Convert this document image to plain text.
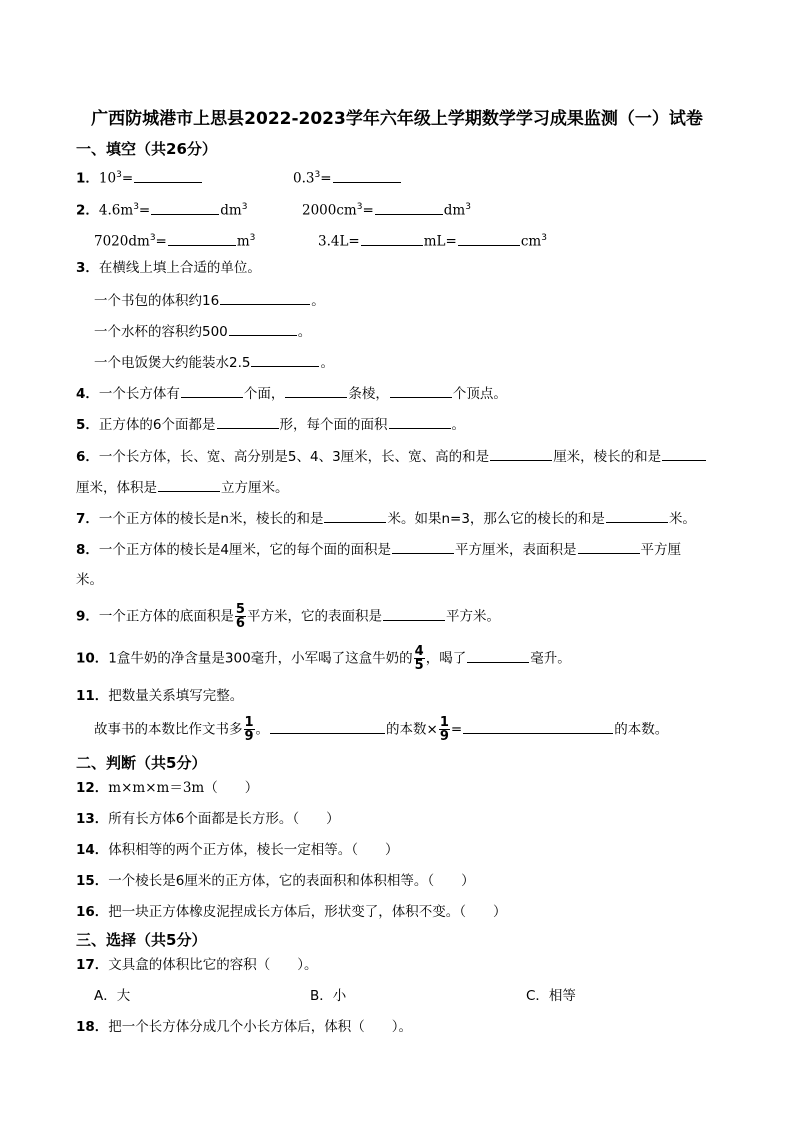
广西防城港市上思县2022-2023学年六年级上学期数学学习成果监测（一）试卷
一、填空（共26分）
1．$10^3=$	$0.3^3=$
2．$4.6m^3=$	$dm^3$	$2000cm^3=$	$dm^3$
$7020dm^3=$	$m^3$	3.4L=	mL=	$cm^3$
3．在横线上填上合适的单位。
一个书包的体积约16	。
一个水杯的容积约500	。
一个电饭煲大约能装水2.5	。
4．一个长方体有	个面，	条棱，	个顶点。
5．正方体的6个面都是	形，每个面的面积	。
6．一个长方体，长、宽、高分别是5、4、3厘米，长、宽、高的和是	厘米，棱长的和是
厘米，体积是	立方厘米。
7．一个正方体的棱长是n米，棱长的和是	米。如果n=3，那么它的棱长的和是	米。
8．一个正方体的棱长是4厘米，它的每个面的面积是	平方厘米，表面积是	平方厘
米。
9．一个正方体的底面积是 $\frac{5}{6}$ 平方米，它的表面积是	平方米。
10．1盒牛奶的净含量是300毫升，小军喝了这盒牛奶的 $\frac{4}{5}$ ，喝了	毫升。
11．把数量关系填写完整。
故事书的本数比作文书多 $\frac{1}{9}$ 。	的本数× $\frac{1}{9}$ =	的本数。
二、判断（共5分）
12．m×m×m＝3m（　　）
13．所有长方体6个面都是长方形。（　　）
14．体积相等的两个正方体，棱长一定相等。（　　）
15．一个棱长是6厘米的正方体，它的表面积和体积相等。（　　）
16．把一块正方体橡皮泥捏成长方体后，形状变了，体积不变。（　　）
三、选择（共5分）
17．文具盒的体积比它的容积（　　）。
A．大	B．小	C．相等
18．把一个长方体分成几个小长方体后，体积（　　）。
